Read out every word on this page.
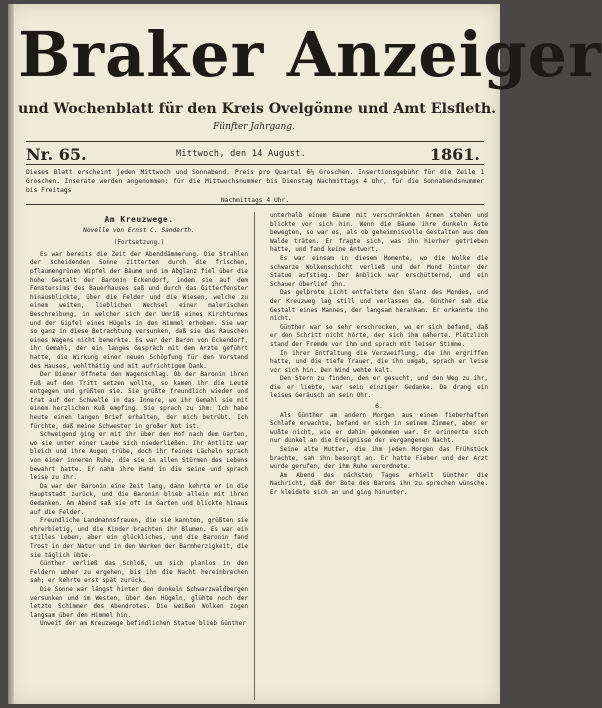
Braker Anzeiger
und Wochenblatt für den Kreis Ovelgönne und Amt Elsfleth.
Fünfter Jahrgang.
Nr. 65.	Mittwoch, den 14 August.	1861.
Dieses Blatt erscheint jeden Mittwoch und Sonnabend. Preis pro Quartal 6¼ Groschen. Insertionsgebühr für die Zeile 1 Groschen. Inserate werden angenommen: für die Mittwochsnummer bis Dienstag Nachmittags 4 Uhr, für die Sonnabendsnummer bis Freitags
Nachmittags 4 Uhr.
Am Kreuzwege.
Novelle von Ernst C. Sanderth.
(Fortsetzung.)

Es war bereits die Zeit der Abenddämmerung. Die Strahlen der scheidenden Sonne zitterten durch die frischen, pflaumengrünen Wipfel der Bäume und im Abglanz fiel über die hohe Gestalt der Baronin Eckendorf, indem sie auf dem Fenstersims des Bauerhauses saß und durch das Gitterfenster hinausblickte, über die Felder und die Wiesen, welche zu einem weiten, lieblichen Wechsel einer malerischen Beschreibung, in welcher sich der Umriß eines Kirchturmes und der Gipfel eines Hügels in den Himmel erhoben. Sie war so ganz in diese Betrachtung versunken, daß sie das Rauschen eines Wagens nicht bemerkte. Es war der Baron von Eckendorf, ihr Gemahl, der ein langes Gespräch mit dem Arzte geführt hatte, die Wirkung einer neuen Schöpfung für den Vorstand des Hauses, wohlthätig und mit aufrichtigem Dank.

Der Diener öffnete den Wagenschlag. Ob der Baronin ihren Fuß auf den Tritt setzen wollte, so kamen ihr die Leute entgegen und grüßten sie. Sie grüßte freundlich wieder und trat auf der Schwelle in das Innere, wo ihr Gemahl sie mit einem herzlichen Kuß empfing. Sie sprach zu ihm: Ich habe heute einen langen Brief erhalten, der mich betrübt. Ich fürchte, daß meine Schwester in großer Not ist.

Schweigend ging er mit ihr über den Hof nach dem Garten, wo sie unter einer Laube sich niederließen. Ihr Antlitz war bleich und ihre Augen trübe, doch ihr feines Lächeln sprach von einer inneren Ruhe, die sie in allen Stürmen des Lebens bewahrt hatte. Er nahm ihre Hand in die seine und sprach leise zu ihr.

Da war der Baronin eine Zeit lang, dann kehrte er in die Hauptstadt zurück, und die Baronin blieb allein mit ihren Gedanken. Am Abend saß sie oft im Garten und blickte hinaus auf die Felder.

Freundliche Landmannsfrauen, die sie kannten, grüßten sie ehrerbietig, und die Kinder brachten ihr Blumen. Es war ein stilles Leben, aber ein glückliches, und die Baronin fand Trost in der Natur und in den Werken der Barmherzigkeit, die sie täglich übte.

Günther verließ das Schloß, um sich planlos in den Feldern umher zu ergehen, bis ihn die Nacht hereinbrechen sah; er kehrte erst spät zurück.

Die Sonne war längst hinter den dunkeln Schwarzwaldbergen versunken und im Westen, über den Hügeln, glühte noch der letzte Schimmer des Abendrotes. Die weißen Wolken zogen langsam über den Himmel hin.

Unweit der am Kreuzwege befindlichen Statue blieb Günther

unterhalb einem Baume mit verschränkten Armen stehen und blickte vor sich hin. Wenn die Bäume ihre dunkeln Äste bewegten, so war es, als ob geheimnisvolle Gestalten aus dem Walde träten. Er fragte sich, was ihn hierher getrieben hatte, und fand keine Antwort.

Es war einsam in diesem Momente, wo die Wolke die schwarze Wolkenschicht verließ und der Mond hinter der Statue aufstieg. Der Anblick war erschütternd, und ein Schauer überlief ihn.

Das gelbrote Licht entfaltete den Glanz des Mondes, und der Kreuzweg lag still und verlassen da. Günther sah die Gestalt eines Mannes, der langsam herankam. Er erkannte ihn nicht.

Günther war so sehr erschrocken, wo er sich befand, daß er den Schritt nicht hörte, der sich ihm näherte. Plötzlich stand der Fremde vor ihm und sprach mit leiser Stimme.

In ihrer Entfaltung die Verzweiflung, die ihn ergriffen hatte, und die tiefe Trauer, die ihn umgab, sprach er leise vor sich hin. Der Wind wehte kalt.

Den Stern zu finden, den er gesucht, und den Weg zu ihr, die er liebte, war sein einziger Gedanke. Da drang ein leises Geräusch an sein Ohr.

6.

Als Günther am andern Morgen aus einem fieberhaften Schlafe erwachte, befand er sich in seinem Zimmer, aber er wußte nicht, wie er dahin gekommen war. Er erinnerte sich nur dunkel an die Ereignisse der vergangenen Nacht.

Seine alte Mutter, die ihm jeden Morgen das Frühstück brachte, sah ihn besorgt an. Er hatte Fieber und der Arzt wurde gerufen, der ihm Ruhe verordnete.

Am Abend des nächsten Tages erhielt Günther die Nachricht, daß der Bote des Barons ihn zu sprechen wünsche. Er kleidete sich an und ging hinunter.
